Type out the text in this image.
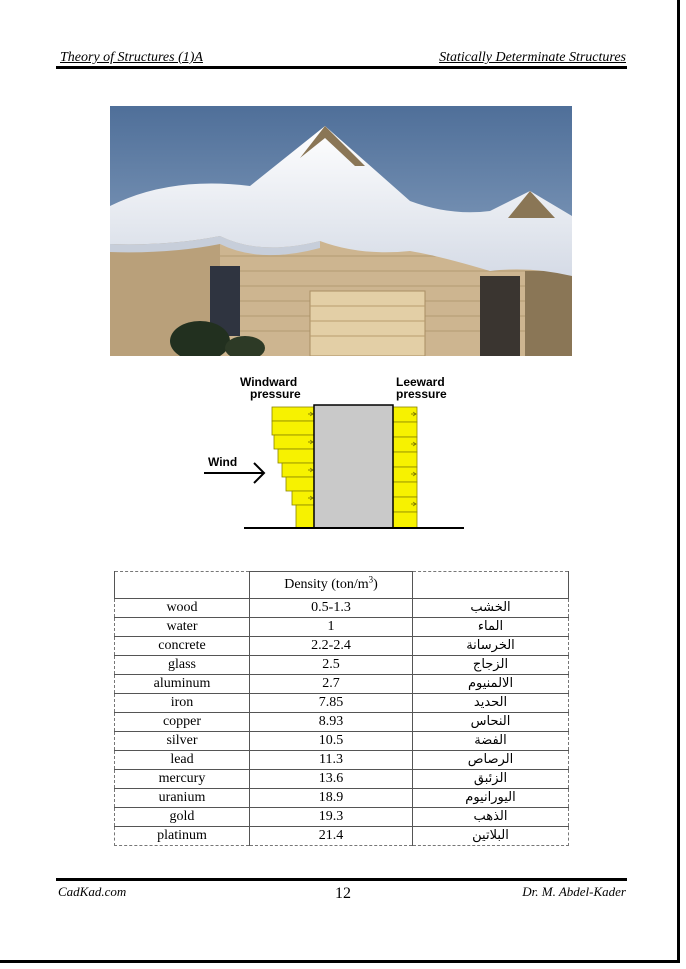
Theory of Structures (1)A	Statically Determinate Structures
Windward
pressure
Leeward
pressure
Wind
	Density $(ton/m^3)$	
wood	0.5-1.3	الخشب
water	1	الماء
concrete	2.2-2.4	الخرسانة
glass	2.5	الزجاج
aluminum	2.7	الالمنيوم
iron	7.85	الحديد
copper	8.93	النحاس
silver	10.5	الفضة
lead	11.3	الرصاص
mercury	13.6	الزئبق
uranium	18.9	اليورانيوم
gold	19.3	الذهب
platinum	21.4	البلاتين
CadKad.com	12	Dr. M. Abdel-Kader
